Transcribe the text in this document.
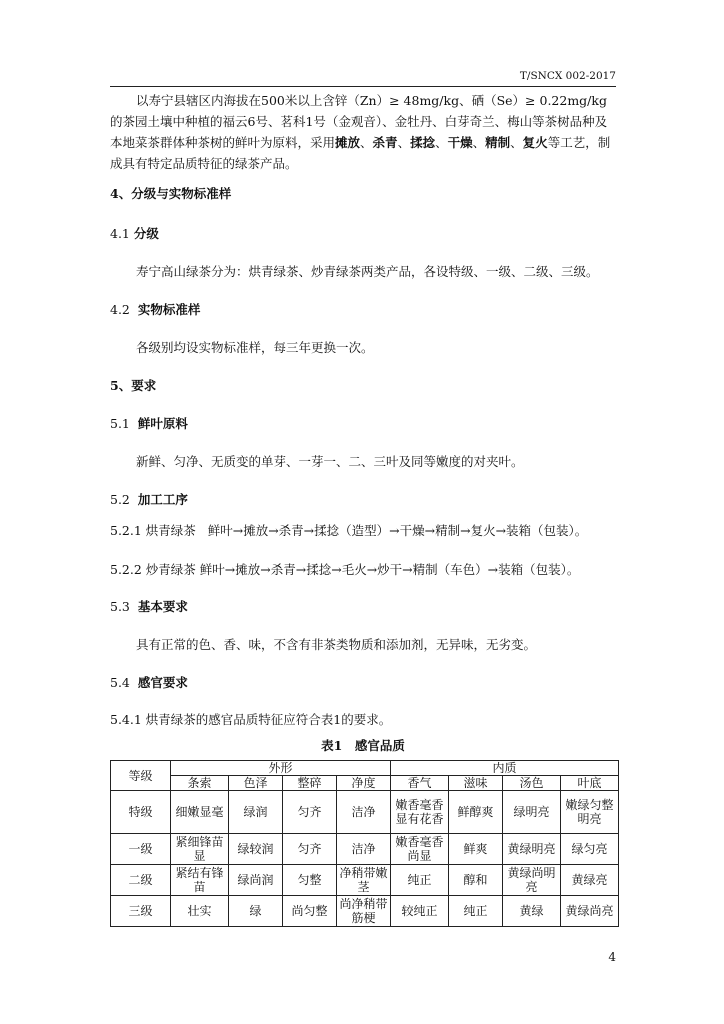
T/SNCX 002-2017

以寿宁县辖区内海拔在500米以上含锌（Zn）≥ 48mg/kg、硒（Se）≥ 0.22mg/kg的茶园土壤中种植的福云6号、茗科1号（金观音）、金牡丹、白芽奇兰、梅山等茶树品种及本地菜茶群体种茶树的鲜叶为原料，采用摊放、杀青、揉捻、干燥、精制、复火等工艺，制成具有特定品质特征的绿茶产品。

4、分级与实物标准样
4.1 分级
寿宁高山绿茶分为：烘青绿茶、炒青绿茶两类产品，各设特级、一级、二级、三级。
4.2 实物标准样
各级别均设实物标准样，每三年更换一次。
5、要求
5.1 鲜叶原料
新鲜、匀净、无质变的单芽、一芽一、二、三叶及同等嫩度的对夹叶。
5.2 加工工序
5.2.1 烘青绿茶 鲜叶→摊放→杀青→揉捻（造型）→干燥→精制→复火→装箱（包装）。
5.2.2 炒青绿茶 鲜叶→摊放→杀青→揉捻→毛火→炒干→精制（车色）→装箱（包装）。
5.3 基本要求
具有正常的色、香、味，不含有非茶类物质和添加剂，无异味，无劣变。
5.4 感官要求
5.4.1 烘青绿茶的感官品质特征应符合表1的要求。
表1　感官品质
等级	外形				内质			
	条索	色泽	整碎	净度	香气	滋味	汤色	叶底
特级	细嫩显毫	绿润	匀齐	洁净	嫩香毫香显有花香	鲜醇爽	绿明亮	嫩绿匀整明亮
一级	紧细锋苗显	绿较润	匀齐	洁净	嫩香毫香尚显	鲜爽	黄绿明亮	绿匀亮
二级	紧结有锋苗	绿尚润	匀整	净稍带嫩茎	纯正	醇和	黄绿尚明亮	黄绿亮
三级	壮实	绿	尚匀整	尚净稍带筋梗	较纯正	纯正	黄绿	黄绿尚亮
4
